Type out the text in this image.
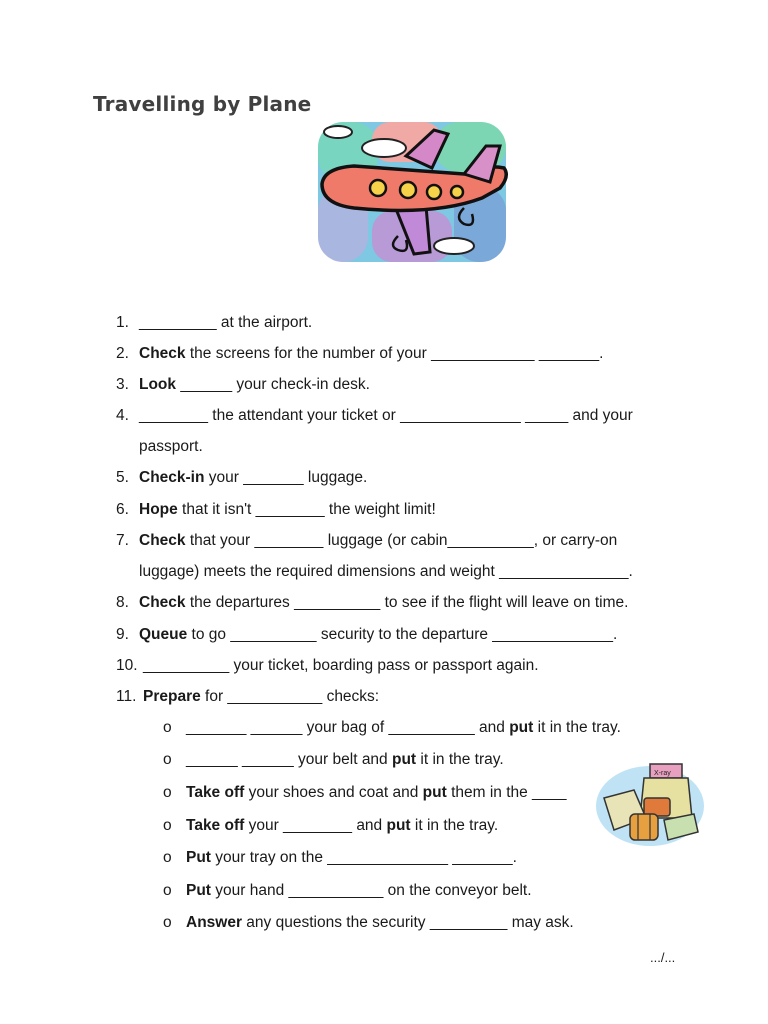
Travelling by Plane
1. _________ at the airport.
2. Check the screens for the number of your ____________ _______.
3. Look ______ your check-in desk.
4. ________ the attendant your ticket or ______________ _____ and your
passport.
5. Check-in your _______ luggage.
6. Hope that it isn't ________ the weight limit!
7. Check that your ________ luggage (or cabin__________, or carry-on
luggage) meets the required dimensions and weight _______________.
8. Check the departures __________ to see if the flight will leave on time.
9. Queue to go __________ security to the departure ______________.
10. __________ your ticket, boarding pass or passport again.
11. Prepare for ___________ checks:
o _______ ______ your bag of __________ and put it in the tray.
o ______ ______ your belt and put it in the tray.
o Take off your shoes and coat and put them in the ____
o Take off your ________ and put it in the tray.
o Put your tray on the ______________ _______.
o Put your hand ___________ on the conveyor belt.
o Answer any questions the security _________ may ask.
X-ray
.../...
